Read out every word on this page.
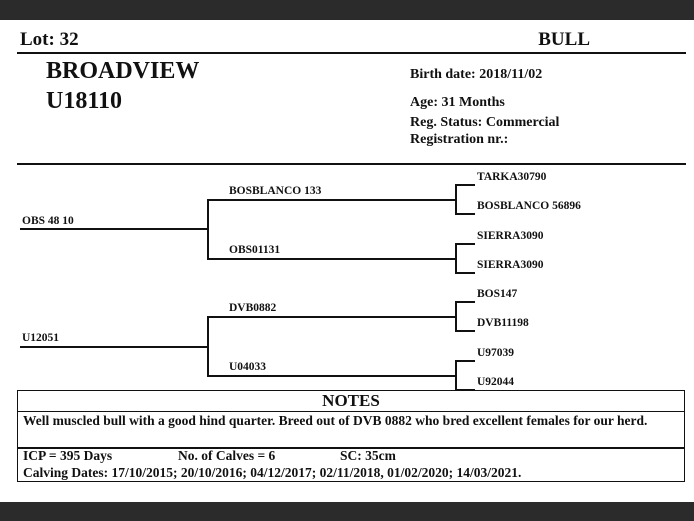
Lot: 32	BULL
BROADVIEW
U18110
Birth date: 2018/11/02
Age: 31 Months
Reg. Status: Commercial
Registration nr.:
OBS 48 10
U12051
BOSBLANCO 133
OBS01131
DVB0882
U04033
TARKA30790
BOSBLANCO 56896
SIERRA3090
SIERRA3090
BOS147
DVB11198
U97039
U92044
NOTES
Well muscled bull with a good hind quarter. Breed out of DVB 0882 who bred excellent females for our herd.
ICP = 395 Days	No. of Calves = 6	SC: 35cm
Calving Dates: 17/10/2015; 20/10/2016; 04/12/2017; 02/11/2018, 01/02/2020; 14/03/2021.
